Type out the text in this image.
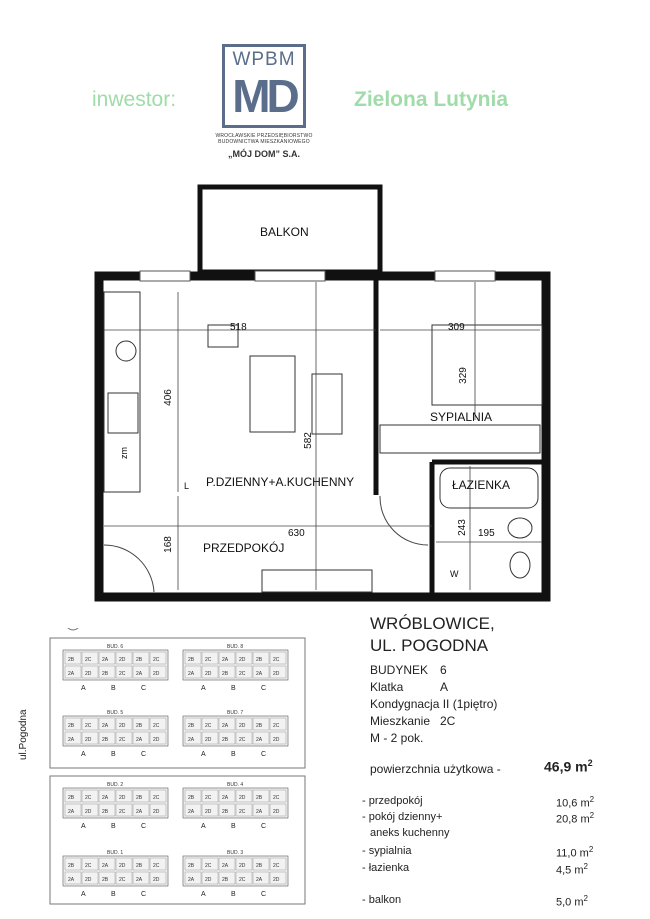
inwestor:	Zielona Lutynia
WPBM
MD
WROCŁAWSKIE PRZEDSIĘBIORSTWO
BUDOWNICTWA MIESZKANIOWEGO
„MÓJ DOM” S.A.
BALKON
P.DZIENNY+A.KUCHENNY
PRZEDPOKÓJ
SYPIALNIA
ŁAZIENKA
518
406
582
309
329
630
168
243 195
zm
L
W
2B 2C 2A 2D 2B 2C
2A 2D 2B 2C 2A 2D
BUD. 6
A	B	C
2B 2C 2A 2D 2B 2C
2A 2D 2B 2C 2A 2D
BUD. 8
A	B	C
2B 2C 2A 2D 2B 2C
2A 2D 2B 2C 2A 2D
BUD. 5
A	B	C
2B 2C 2A 2D 2B 2C
2A 2D 2B 2C 2A 2D
BUD. 7
A	B	C
2B 2C 2A 2D 2B 2C
2A 2D 2B 2C 2A 2D
BUD. 2
A	B	C
2B 2C 2A 2D 2B 2C
2A 2D 2B 2C 2A 2D
BUD. 4
A	B	C
2B 2C 2A 2D 2B 2C
2A 2D 2B 2C 2A 2D
BUD. 1
A	B	C
2B 2C 2A 2D 2B 2C
2A 2D 2B 2C 2A 2D
BUD. 3
A	B	C
ul.Pogodna
WRÓBLOWICE,
UL. POGODNA
BUDYNEK 6
Klatka	A
Kondygnacja II (1piętro)
Mieszkanie 2C
M - 2 pok.
powierzchnia użytkowa -	46,9 $m^2$
- przedpokój	10,6 $m^2$
- pokój dzienny+	20,8 $m^2$
aneks kuchenny
- sypialnia	11,0 $m^2$
- łazienka	4,5 $m^2$
- balkon	5,0 $m^2$
